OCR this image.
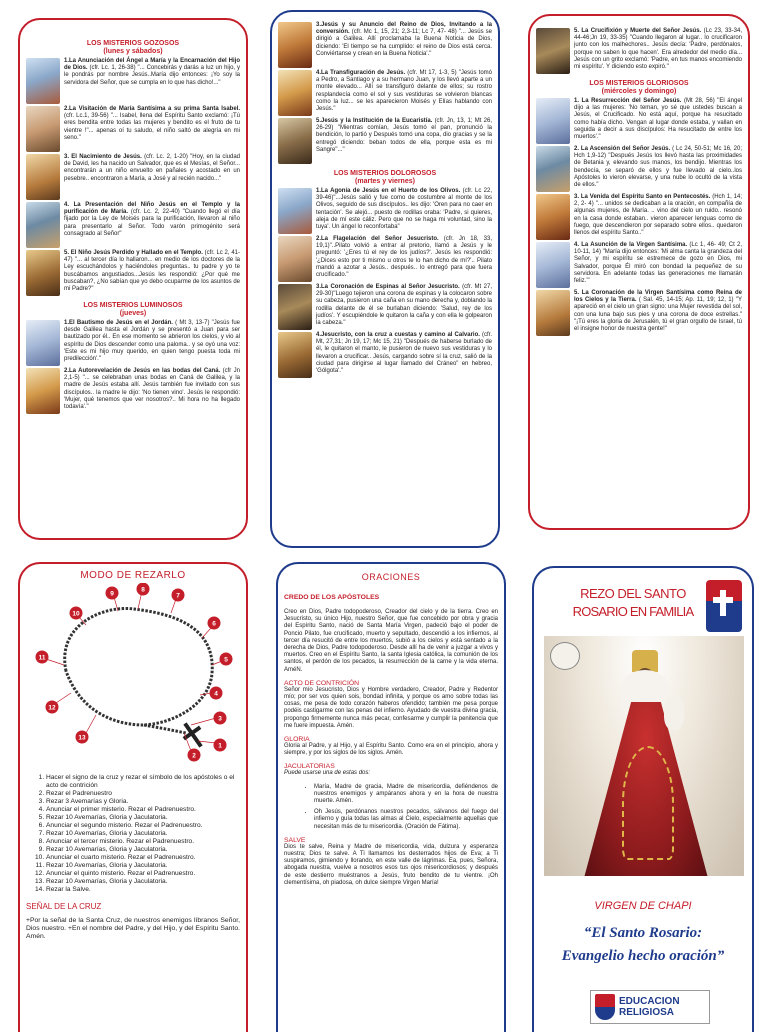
LOS MISTERIOS GOZOSOS
(lunes y sábados)
1.La Anunciación del Ángel a María y la Encarnación del Hijo de Dios. (cfr. Lc. 1, 26-38) "... Concebirás y darás a luz un hijo, y le pondrás por nombre Jesús..María dijo entonces: ¡Yo soy la servidora del Señor, que se cumpla en lo que has dicho!..."
2.La Visitación de María Santísima a su prima Santa Isabel. (cfr. Lc.1, 39-56) "... Isabel, llena del Espíritu Santo exclamó: ¡Tú eres bendita entre todas las mujeres y bendito es el fruto de tu vientre !"... apenas oí tu saludo, el niño saltó de alegría en mi seno."
3. El Nacimiento de Jesús. (cfr. Lc. 2, 1-20) "Hoy, en la ciudad de David, les ha nacido un Salvador, que es el Mesías, el Señor... encontrarán a un niño envuelto en pañales y acostado en un pesebre.. encontraron a María, a José y al recién nacido..."
4. La Presentación del Niño Jesús en el Templo y la purificación de María. (cfr. Lc. 2, 22-40) "Cuando llegó el día fijado por la Ley de Moisés para la purificación, llevaron al niño para presentarlo al Señor. Todo varón primogénito será consagrado al Señor"
5. El Niño Jesús Perdido y Hallado en el Templo. (cfr. Lc 2, 41-47) "... al tercer día lo hallaron... en medio de los doctores de la Ley escuchándolos y haciéndoles preguntas.. tu padre y yo te buscábamos angustiados...Jesús les respondió: ¿Por qué me buscaban?, ¿No sabían que yo debo ocuparme de los asuntos de mi Padre?"
LOS MISTERIOS LUMINOSOS
(jueves)
1.El Bautismo de Jesús en el Jordán. ( Mt 3, 13-7) "Jesús fue desde Galilea hasta el Jordán y se presentó a Juan para ser bautizado por él.. En ese momento se abrieron los cielos, y vio al espíritu de Dios descender como una paloma.. y se oyó una voz: 'Este es mi hijo muy querido, en quien tengo puesta toda mi predilección'."
2.La Autorevelación de Jesús en las bodas del Caná. (cfr Jn 2,1-5) "... se celebraban unas bodas en Caná de Galilea, y la madre de Jesús estaba allí. Jesús también fue invitado con sus discípulos.. la madre le dijo: 'No tienen vino'. Jesús le respondió: 'Mujer, qué tenemos que ver nosotros?.. Mi hora no ha llegado todavía'."
3.Jesús y su Anuncio del Reino de Dios, Invitando a la conversión. (cfr. Mc 1, 15, 21; 2,3-11; Lc 7, 47- 48) "... Jesús se dirigió a Galilea. Allí proclamaba la Buena Noticia de Dios, diciendo: 'El tiempo se ha cumplido: el reino de Dios está cerca. Conviértanse y crean en la Buena Noticia'."
4.La Transfiguración de Jesús. (cfr. Mt 17, 1-3, 5) "Jesús tomó a Pedro, a Santiago y a su hermano Juan, y los llevó aparte a un monte elevado... Allí se transfiguró delante de ellos; su rostro resplandecía como el sol y sus vestiduras se volvieron blancas como la luz... se les aparecieron Moisés y Elías hablando con Jesús."
5.Jesús y la Institución de la Eucaristía. (cfr. Jn, 13, 1; Mt 26, 26-29) "Mientras comían, Jesús tomó el pan, pronunció la bendición, lo partió y Después tomó una copa, dio gracias y se la entregó diciendo: beban todos de ella, porque esta es mi Sangre"..."
LOS MISTERIOS DOLOROSOS
(martes y viernes)
1.La Agonía de Jesús en el Huerto de los Olivos. (cfr. Lc 22, 39-46)"...Jesús salió y fue como de costumbre al monte de los Olivos, seguido de sus discípulos.. les dijo: 'Oren para no caer en tentación'. Se alejó... puesto de rodillas oraba: 'Padre, si quieres, aleja de mí este cáliz. Pero que no se haga mi voluntad, sino la tuya'. Un ángel lo reconfortaba"
2.La Flagelación del Señor Jesucristo. (cfr. Jn 18, 33, 19,1)"..Pilato volvió a entrar al pretorio, llamó a Jesús y le preguntó: '¿Eres tú el rey de los judíos?'. Jesús les respondió: '¿Dices esto por ti mismo u otros te lo han dicho de mí?'.. Pilato mandó a azotar a Jesús.. después.. lo entregó para que fuera crucificado."
3.La Coronación de Espinas al Señor Jesucristo. (cfr. Mt 27, 29-30)"Luego tejieron una corona de espinas y la colocaron sobre su cabeza, pusieron una caña en su mano derecha y, doblando la rodilla delante de él se burlaban diciendo: 'Salud, rey de los judíos'. Y escupiéndole le quitaron la caña y con ella le golpearon la cabeza."
4.Jesucristo, con la cruz a cuestas y camino al Calvario. (cfr. Mt, 27,31; Jn 19, 17; Mc 15, 21) "Después de haberse burlado de él, le quitaron el manto, le pusieron de nuevo sus vestiduras y lo llevaron a crucificar.. Jesús, cargando sobre sí la cruz, salió de la ciudad para dirigirse al lugar llamado del Cráneo" en hebreo, 'Gólgota'."
5. La Crucifixión y Muerte del Señor Jesús. (Lc 23, 33-34, 44-46;Jn 19, 33-35) "Cuando llegaron al lugar.. lo crucificaron junto con los malhechores.. Jesús decía: 'Padre, perdónalos, porque no saben lo que hacen'. Era alrededor del medio día... Jesús con un grito exclamó: 'Padre, en tus manos encomiendo mi espíritu'. Y diciendo esto expiró."
LOS MISTERIOS GLORIOSOS
(miércoles y domingo)
1. La Resurrección del Señor Jesús. (Mt 28, 56) "El ángel dijo a las mujeres: 'No teman, yo sé que ustedes buscan a Jesús, el Crucificado. No está aquí, porque ha resucitado como había dicho. Vengan al lugar donde estaba, y vallan en seguida a decir a sus discípulos: Ha resucitado de entre los muertos'."
2. La Ascensión del Señor Jesús. ( Lc 24, 50-51; Mc 16, 20; Hch 1,9-12) "Después Jesús los llevó hasta las proximidades de Betania y, elevando sus manos, los bendijo. Mientras los bendecía, se separó de ellos y fue llevado al cielo..los Apóstoles lo vieron elevarse, y una nube lo ocultó de la vista de ellos."
3. La Venida del Espíritu Santo en Pentecostés. (Hch 1, 14; 2, 2- 4) "... unidos se dedicaban a la oración, en compañía de algunas mujeres, de María. .. vino del cielo un ruido.. resonó en la casa donde estaban.. vieron aparecer lenguas como de fuego, que descendieron por separado sobre ellos.. quedaron llenos del espíritu Santo.."
4. La Asunción de la Virgen Santísima. (Lc 1, 46- 49; Ct 2, 10-11, 14) "María dijo entonces: 'Mi alma canta la grandeza del Señor, y mi espíritu se estremece de gozo en Dios, mi Salvador, porque Él miró con bondad la pequeñez de su servidora. En adelante todas las generaciones me llamarán feliz.'"
5. La Coronación de la Virgen Santísima como Reina de los Cielos y la Tierra. ( Sal. 45, 14-15; Ap. 11, 19; 12, 1) "Y apareció en el cielo un gran signo: una Mujer revestida del sol, con una luna bajo sus pies y una corona de doce estrellas." "¡Tú eres la gloria de Jerusalén, tú el gran orgullo de Israel, tú el insigne honor de nuestra gente!"
MODO DE REZARLO
9
8
7
6
5
10
4
11
3
2
12
13
1
1. Hacer el signo de la cruz y rezar el símbolo de los apóstoles o el acto de contrición
2. Rezar el Padrenuestro
3. Rezar 3 Avemarías y Gloria.
4. Anunciar el primer misterio. Rezar el Padrenuestro.
5. Rezar 10 Avemarías, Gloria y Jaculatoria.
6. Anunciar el segundo misterio. Rezar el Padrenuestro.
7. Rezar 10 Avemarías, Gloria y Jaculatoria.
8. Anunciar el tercer misterio. Rezar el Padrenuestro.
9. Rezar 10 Avemarías, Gloria y Jaculatoria.
10. Anunciar el cuarto misterio. Rezar el Padrenuestro.
11. Rezar 10 Avemarías, Gloria y Jaculatoria.
12. Anunciar el quinto misterio. Rezar el Padrenuestro.
13. Rezar 10 Avemarías, Gloria y Jaculatoria.
14. Rezar la Salve.
SEÑAL DE LA CRUZ
+Por la señal de la Santa Cruz, de nuestros enemigos líbranos Señor, Dios nuestro. +En el nombre del Padre, y del Hijo, y del Espíritu Santo. Amén.
ORACIONES
CREDO DE LOS APÓSTOLES
Creo en Dios, Padre todopoderoso, Creador del cielo y de la tierra. Creo en Jesucristo, su único Hijo, nuestro Señor, que fue concebido por obra y gracia del Espíritu Santo, nació de Santa María Virgen, padeció bajo el poder de Poncio Pilato, fue crucificado, muerto y sepultado, descendió a los infiernos, al tercer día resucitó de entre los muertos, subió a los cielos y está sentado a la derecha de Dios, Padre todopoderoso. Desde allí ha de venir a juzgar a vivos y muertos. Creo en el Espíritu Santo, la santa Iglesia católica, la comunión de los santos, el perdón de los pecados, la resurrección de la carne y la vida eterna. AméN.
ACTO DE CONTRICIÓN
Señor mío Jesucristo, Dios y Hombre verdadero, Creador, Padre y Redentor mío; por ser vos quien sois, bondad infinita, y porque os amo sobre todas las cosas, me pesa de todo corazón haberos ofendido; también me pesa porque podéis castigarme con las penas del infierno. Ayudado de vuestra divina gracia, propongo firmemente nunca más pecar, confesarme y cumplir la penitencia que me fuere impuesta. Amén.
GLORIA
Gloria al Padre, y al Hijo, y al Espíritu Santo. Como era en el principio, ahora y siempre, y por los siglos de los siglos. Amén.
JACULATORIAS
Puede usarse una de estas dos:
• María, Madre de gracia, Madre de misericordia, defiéndenos de nuestros enemigos y ampáranos ahora y en la hora de nuestra muerte. Amén.
• Oh Jesús, perdónanos nuestros pecados, sálvanos del fuego del infierno y guía todas las almas al Cielo, especialmente aquellas que necesitan más de tu misericordia. (Oración de Fátima).
SALVE
Dios te salve, Reina y Madre de misericordia, vida, dulzura y esperanza nuestra; Dios te salve. A Ti llamamos los desterrados hijos de Eva; a Ti suspiramos, gimiendo y llorando, en este valle de lágrimas. Ea, pues, Señora, abogada nuestra, vuelve a nosotros esos tus ojos misericordiosos; y después de este destierro muéstranos a Jesús, fruto bendito de tu vientre. ¡Oh clementísima, oh piadosa, oh dulce siempre Virgen María!
REZO DEL SANTO
ROSARIO EN FAMILIA
VIRGEN DE CHAPI
“El Santo Rosario:
Evangelio hecho oración”
EDUCACION
RELIGIOSA
